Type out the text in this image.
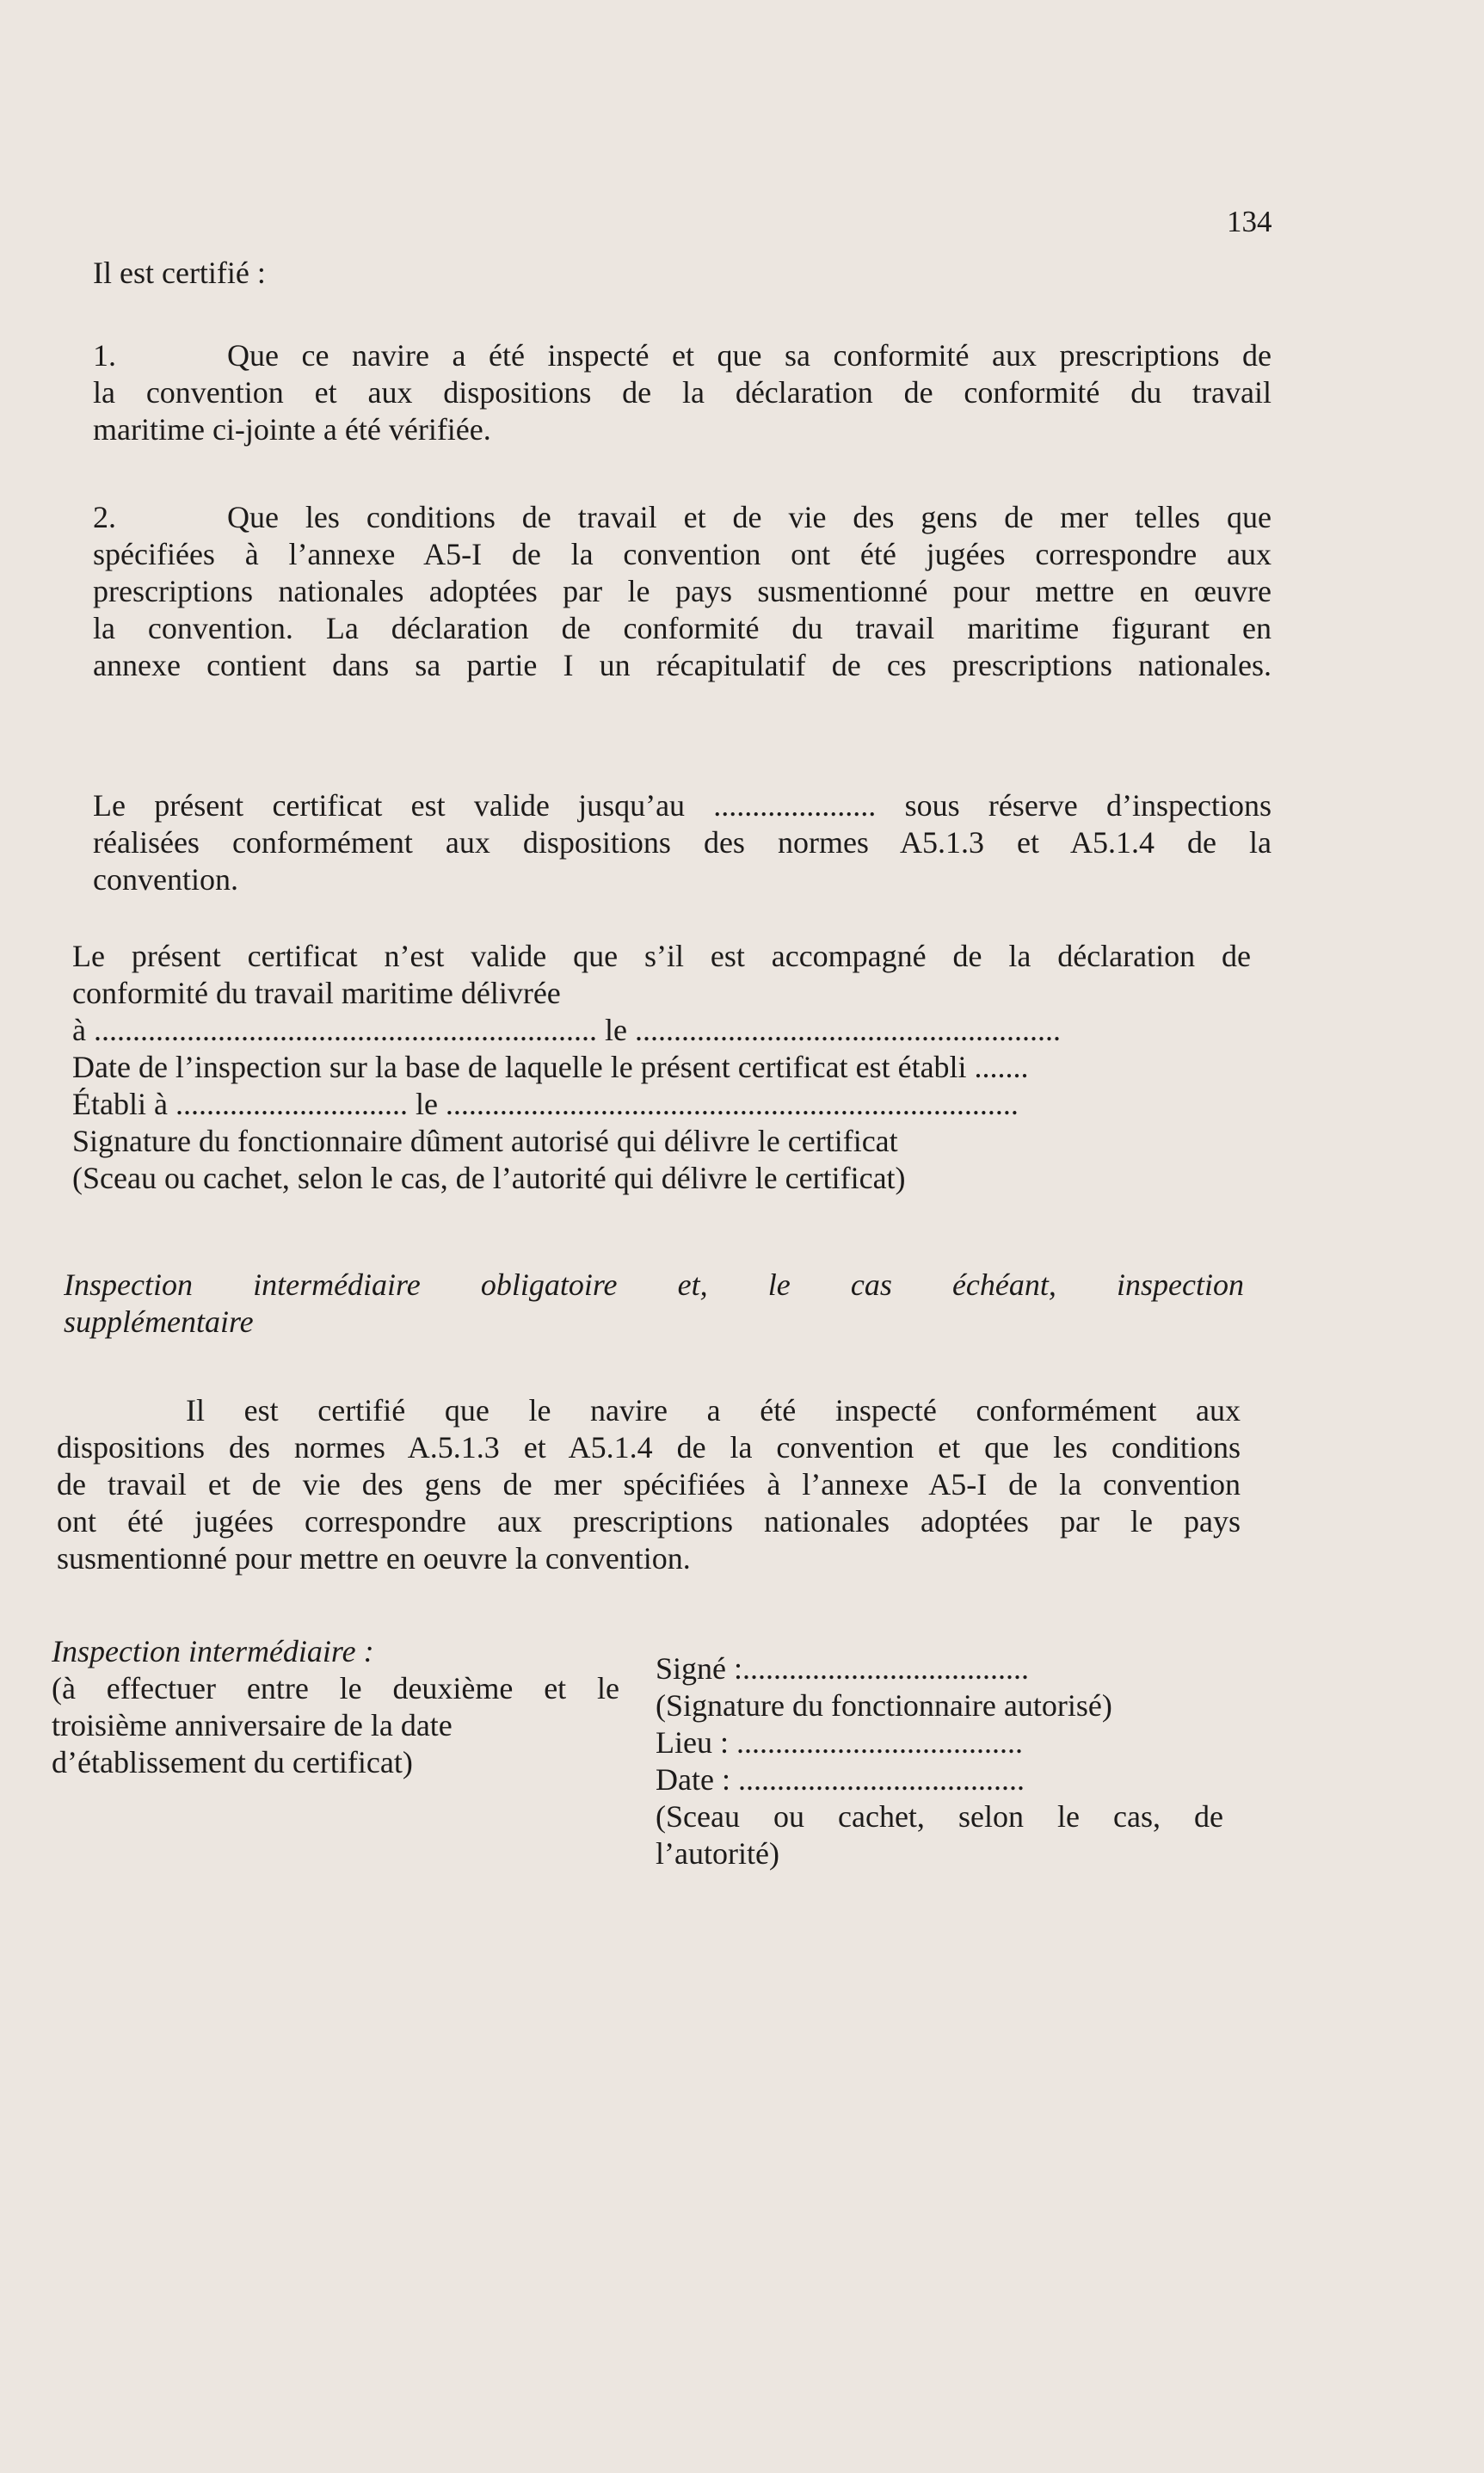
134
Il est certifié :
1.	Que ce navire a été inspecté et que sa conformité aux prescriptions de
la convention et aux dispositions de la déclaration de conformité du travail
maritime ci-jointe a été vérifiée.
2.	Que les conditions de travail et de vie des gens de mer telles que
spécifiées à l’annexe A5-I de la convention ont été jugées correspondre aux
prescriptions nationales adoptées par le pays susmentionné pour mettre en œuvre
la convention. La déclaration de conformité du travail maritime figurant en
annexe contient dans sa partie I un récapitulatif de ces prescriptions nationales.
Le présent certificat est valide jusqu’au ..................... sous réserve d’inspections
réalisées conformément aux dispositions des normes A5.1.3 et A5.1.4 de la
convention.
Le présent certificat n’est valide que s’il est accompagné de la déclaration de
conformité du travail maritime délivrée
à ................................................................. le .......................................................
Date de l’inspection sur la base de laquelle le présent certificat est établi .......
Établi à .............................. le ..........................................................................
Signature du fonctionnaire dûment autorisé qui délivre le certificat
(Sceau ou cachet, selon le cas, de l’autorité qui délivre le certificat)
Inspection intermédiaire obligatoire et, le cas échéant, inspection
supplémentaire
Il est certifié que le navire a été inspecté conformément aux
dispositions des normes A.5.1.3 et A5.1.4 de la convention et que les conditions
de travail et de vie des gens de mer spécifiées à l’annexe A5-I de la convention
ont été jugées correspondre aux prescriptions nationales adoptées par le pays
susmentionné pour mettre en oeuvre la convention.
Inspection intermédiaire :
(à effectuer entre le deuxième et le
troisième anniversaire de la date
d’établissement du certificat)
Signé :.....................................
(Signature du fonctionnaire autorisé)
Lieu : .....................................
Date : .....................................
(Sceau ou cachet, selon le cas, de
l’autorité)
